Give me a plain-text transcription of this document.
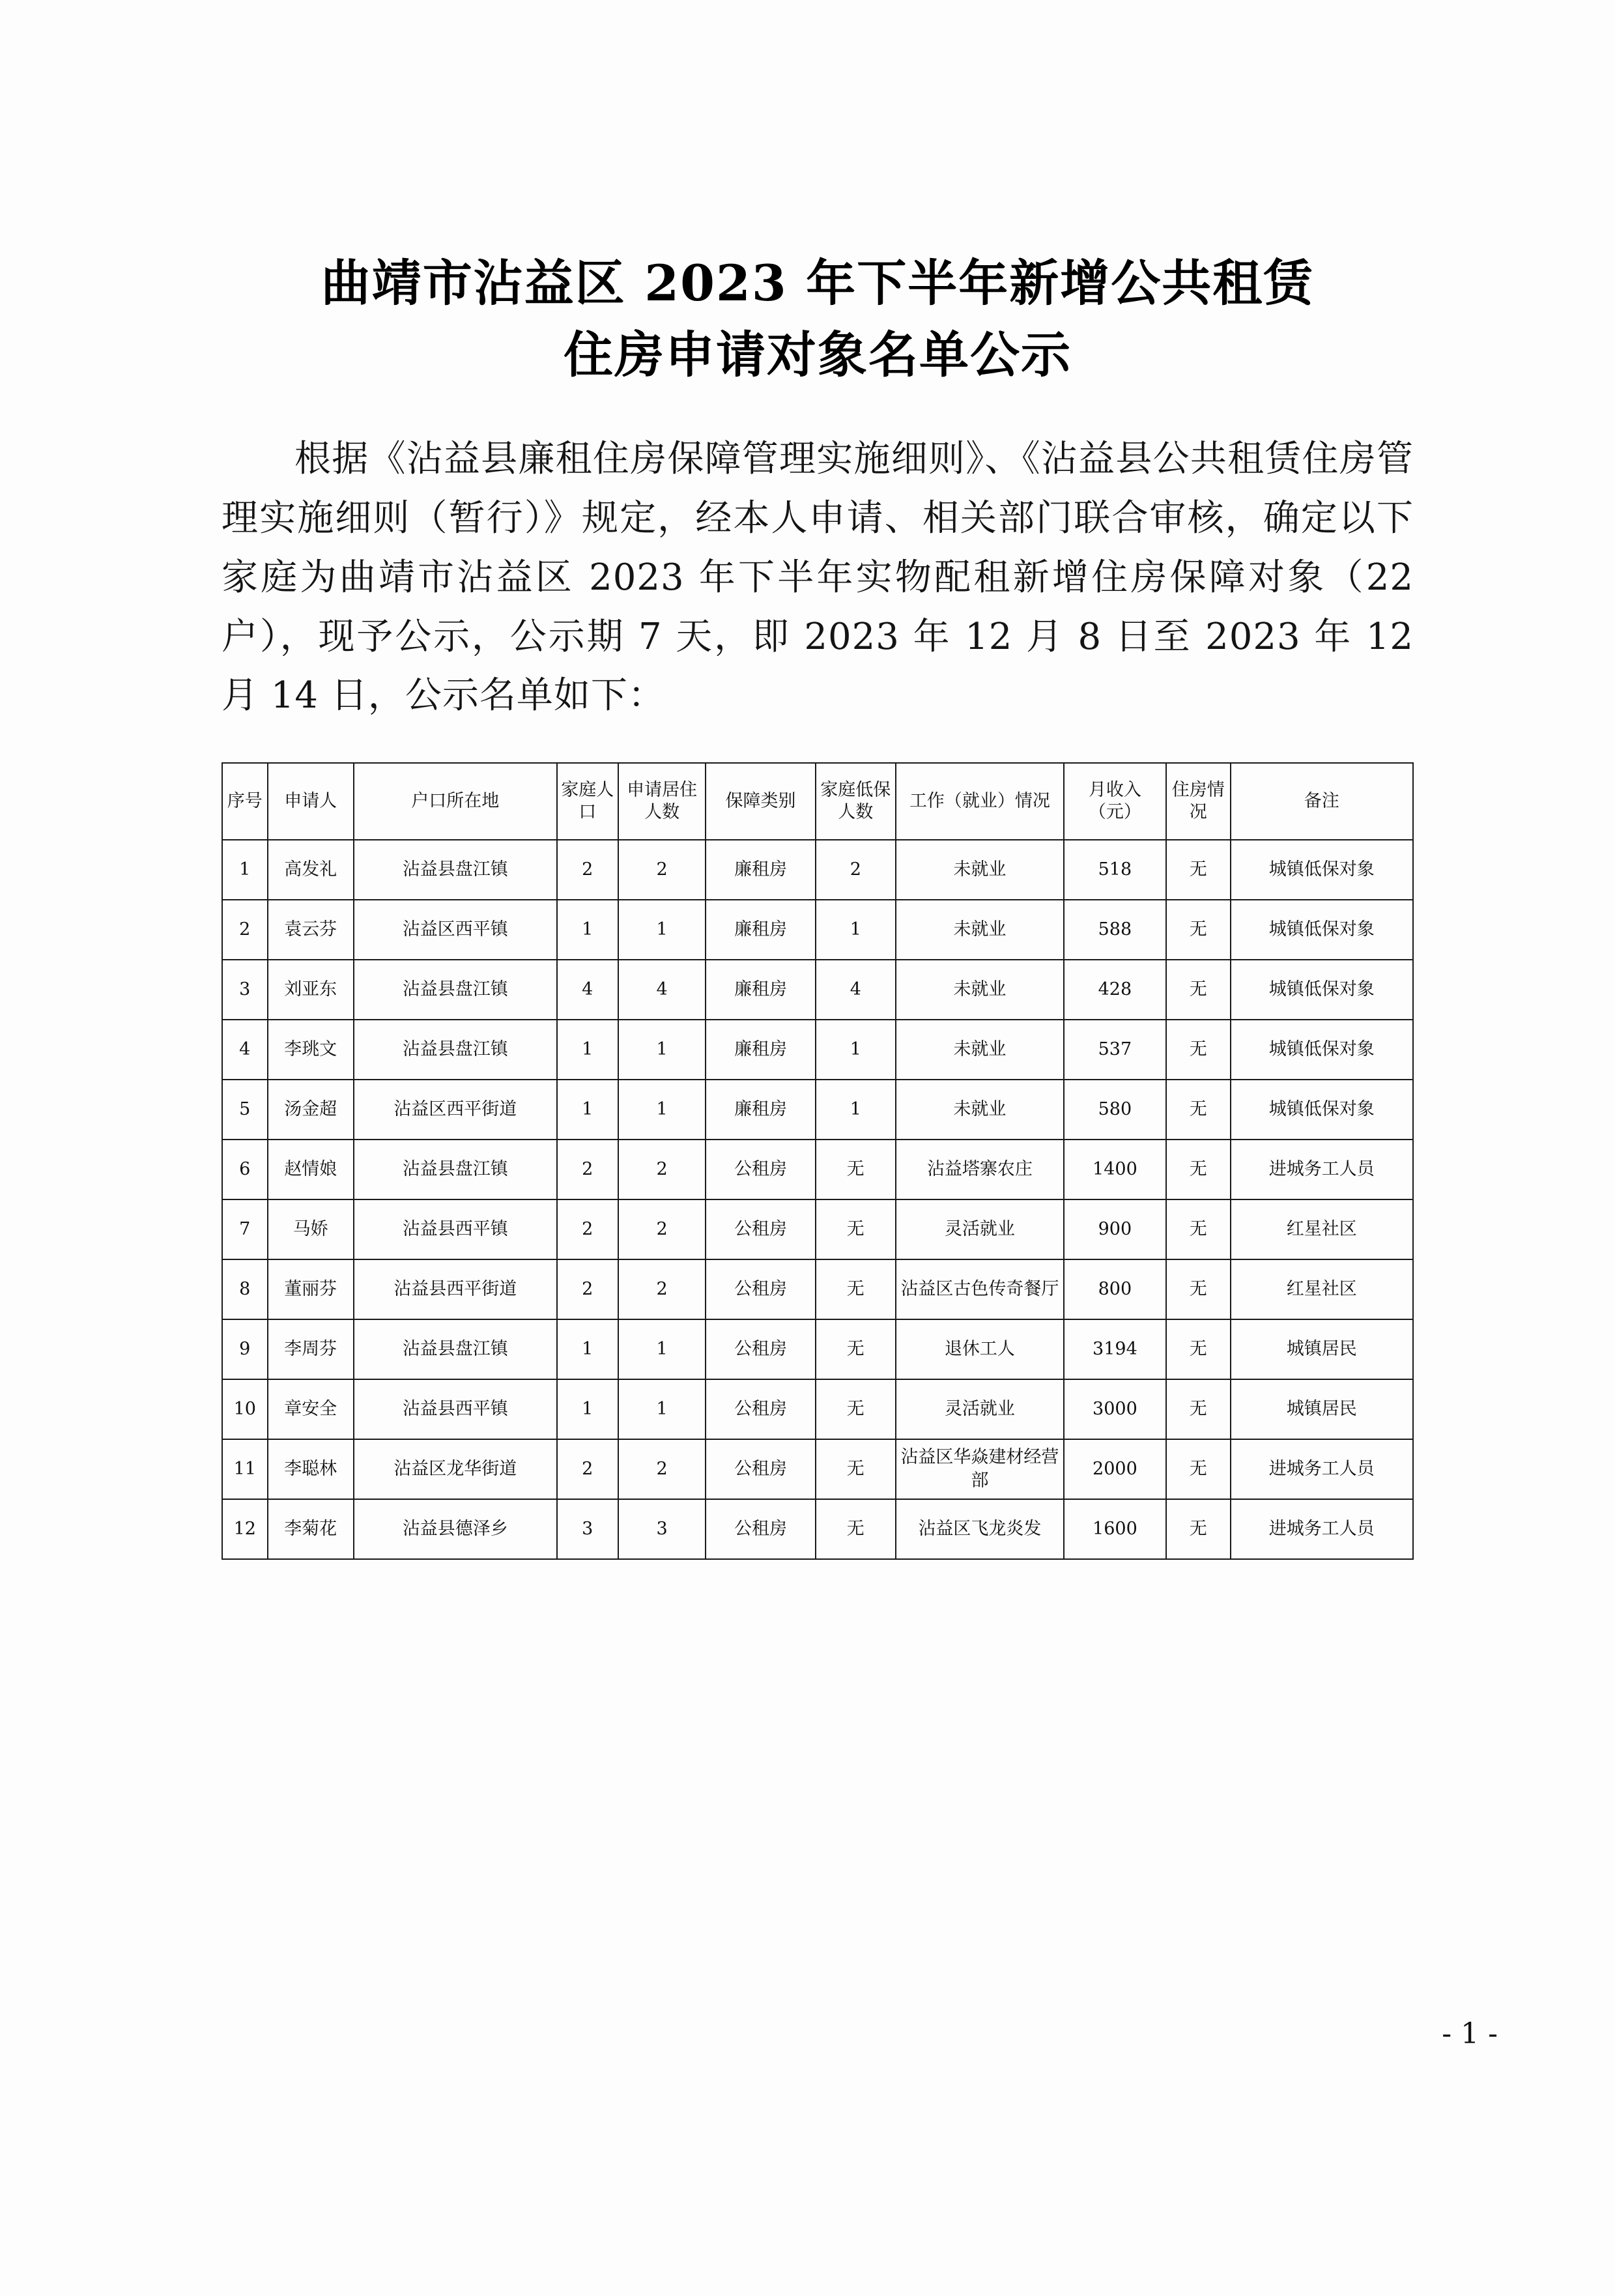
曲靖市沾益区 2023 年下半年新增公共租赁
住房申请对象名单公示

根据《沾益县廉租住房保障管理实施细则》、《沾益县公共租赁住房管理实施细则（暂行）》规定，经本人申请、相关部门联合审核，确定以下家庭为曲靖市沾益区 2023 年下半年实物配租新增住房保障对象（22 户），现予公示，公示期 7 天，即 2023 年 12 月 8 日至 2023 年 12 月 14 日，公示名单如下：

序号	申请人	户口所在地	家庭人口	申请居住人数	保障类别	家庭低保人数	工作（就业）情况	月收入（元）	住房情况	备注

1	高发礼	沾益县盘江镇	2	2	廉租房	2	未就业	518	无	城镇低保对象
2	袁云芬	沾益区西平镇	1	1	廉租房	1	未就业	588	无	城镇低保对象
3	刘亚东	沾益县盘江镇	4	4	廉租房	4	未就业	428	无	城镇低保对象
4	李珧文	沾益县盘江镇	1	1	廉租房	1	未就业	537	无	城镇低保对象
5	汤金超	沾益区西平街道	1	1	廉租房	1	未就业	580	无	城镇低保对象
6	赵情娘	沾益县盘江镇	2	2	公租房	无	沾益塔寨农庄	1400	无	进城务工人员
7	马娇	沾益县西平镇	2	2	公租房	无	灵活就业	900	无	红星社区
8	董丽芬	沾益县西平街道	2	2	公租房	无	沾益区古色传奇餐厅	800	无	红星社区
9	李周芬	沾益县盘江镇	1	1	公租房	无	退休工人	3194	无	城镇居民
10	章安全	沾益县西平镇	1	1	公租房	无	灵活就业	3000	无	城镇居民
11	李聪林	沾益区龙华街道	2	2	公租房	无	沾益区华焱建材经营部	2000	无	进城务工人员
12	李菊花	沾益县德泽乡	3	3	公租房	无	沾益区飞龙炎发	1600	无	进城务工人员
- 1 -
